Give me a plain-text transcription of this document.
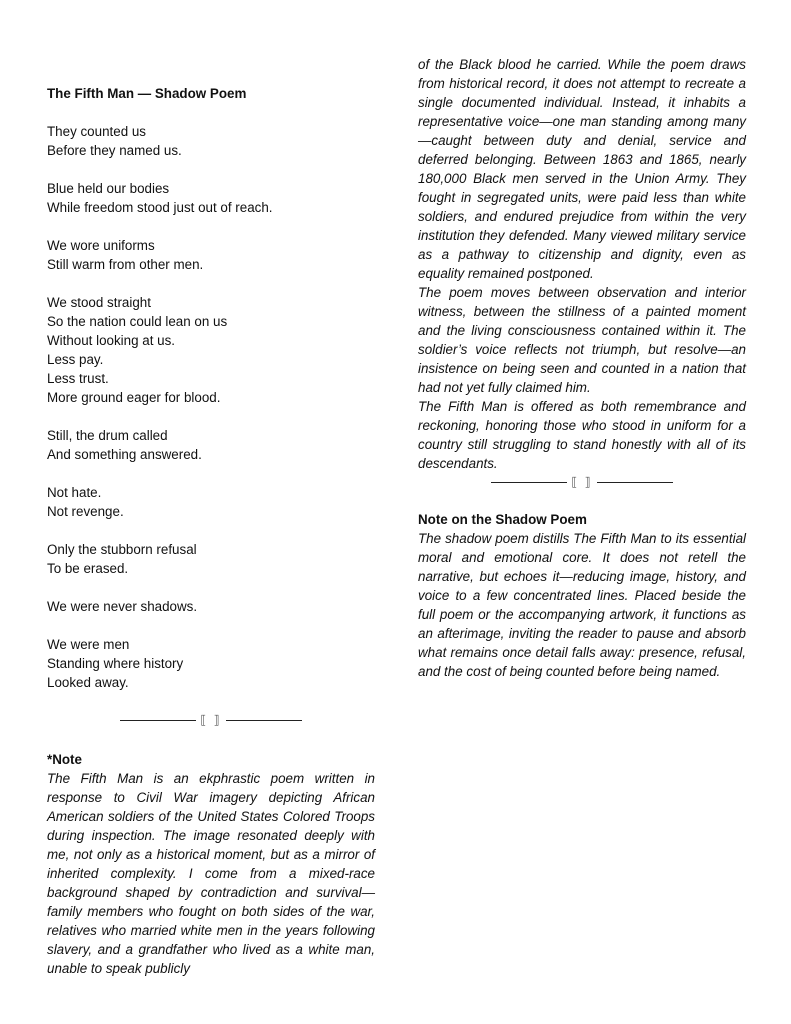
The Fifth Man — Shadow Poem
They counted us
Before they named us.
Blue held our bodies
While freedom stood just out of reach.
We wore uniforms
Still warm from other men.
We stood straight
So the nation could lean on us
Without looking at us.
Less pay.
Less trust.
More ground eager for blood.
Still, the drum called
And something answered.
Not hate.
Not revenge.
Only the stubborn refusal
To be erased.
We were never shadows.
We were men
Standing where history
Looked away.
⟦ ⟧
*Note

The Fifth Man is an ekphrastic poem written in response to Civil War imagery depicting African American soldiers of the United States Colored Troops during inspection. The image resonated deeply with me, not only as a historical moment, but as a mirror of inherited complexity. I come from a mixed-race background shaped by contradiction and survival—family members who fought on both sides of the war, relatives who married white men in the years following slavery, and a grandfather who lived as a white man, unable to speak publicly

of the Black blood he carried. While the poem draws from historical record, it does not attempt to recreate a single documented individual. Instead, it inhabits a representative voice—one man standing among many—caught between duty and denial, service and deferred belonging. Between 1863 and 1865, nearly 180,000 Black men served in the Union Army. They fought in segregated units, were paid less than white soldiers, and endured prejudice from within the very institution they defended. Many viewed military service as a pathway to citizenship and dignity, even as equality remained postponed.

The poem moves between observation and interior witness, between the stillness of a painted moment and the living consciousness contained within it. The soldier’s voice reflects not triumph, but resolve—an insistence on being seen and counted in a nation that had not yet fully claimed him.

The Fifth Man is offered as both remembrance and reckoning, honoring those who stood in uniform for a country still struggling to stand honestly with all of its descendants.

⟦ ⟧
Note on the Shadow Poem

The shadow poem distills The Fifth Man to its essential moral and emotional core. It does not retell the narrative, but echoes it—reducing image, history, and voice to a few concentrated lines. Placed beside the full poem or the accompanying artwork, it functions as an afterimage, inviting the reader to pause and absorb what remains once detail falls away: presence, refusal, and the cost of being counted before being named.
